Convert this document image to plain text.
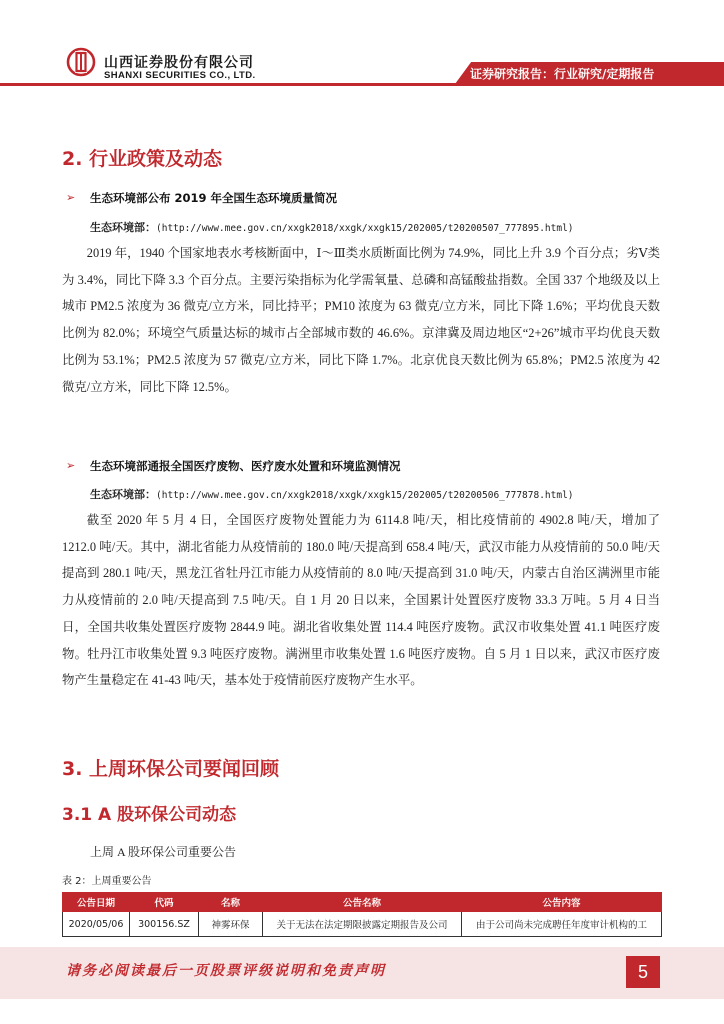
山西证券股份有限公司
SHANXI SECURITIES CO., LTD.	证券研究报告：行业研究/定期报告
2. 行业政策及动态
➢ 生态环境部公布 2019 年全国生态环境质量简况
生态环境部：(http://www.mee.gov.cn/xxgk2018/xxgk/xxgk15/202005/t20200507_777895.html)

2019 年，1940 个国家地表水考核断面中，Ⅰ～Ⅲ类水质断面比例为 74.9%，同比上升 3.9 个百分点；劣Ⅴ类为 3.4%，同比下降 3.3 个百分点。主要污染指标为化学需氧量、总磷和高锰酸盐指数。全国 337 个地级及以上城市 PM2.5 浓度为 36 微克/立方米，同比持平；PM10 浓度为 63 微克/立方米，同比下降 1.6%；平均优良天数比例为 82.0%；环境空气质量达标的城市占全部城市数的 46.6%。京津冀及周边地区“2+26”城市平均优良天数比例为 53.1%；PM2.5 浓度为 57 微克/立方米，同比下降 1.7%。北京优良天数比例为 65.8%；PM2.5 浓度为 42 微克/立方米，同比下降 12.5%。

➢ 生态环境部通报全国医疗废物、医疗废水处置和环境监测情况
生态环境部：(http://www.mee.gov.cn/xxgk2018/xxgk/xxgk15/202005/t20200506_777878.html)

截至 2020 年 5 月 4 日，全国医疗废物处置能力为 6114.8 吨/天，相比疫情前的 4902.8 吨/天，增加了 1212.0 吨/天。其中，湖北省能力从疫情前的 180.0 吨/天提高到 658.4 吨/天，武汉市能力从疫情前的 50.0 吨/天提高到 280.1 吨/天，黑龙江省牡丹江市能力从疫情前的 8.0 吨/天提高到 31.0 吨/天，内蒙古自治区满洲里市能力从疫情前的 2.0 吨/天提高到 7.5 吨/天。自 1 月 20 日以来，全国累计处置医疗废物 33.3 万吨。5 月 4 日当日，全国共收集处置医疗废物 2844.9 吨。湖北省收集处置 114.4 吨医疗废物。武汉市收集处置 41.1 吨医疗废物。牡丹江市收集处置 9.3 吨医疗废物。满洲里市收集处置 1.6 吨医疗废物。自 5 月 1 日以来，武汉市医疗废物产生量稳定在 41-43 吨/天，基本处于疫情前医疗废物产生水平。

3. 上周环保公司要闻回顾
3.1 A 股环保公司动态
上周 A 股环保公司重要公告
表 2：上周重要公告
公告日期	代码	名称	公告名称	公告内容
2020/05/06	300156.SZ	神雾环保	关于无法在法定期限披露定期报告及公司	由于公司尚未完成聘任年度审计机构的工
请务必阅读最后一页股票评级说明和免责声明	5
